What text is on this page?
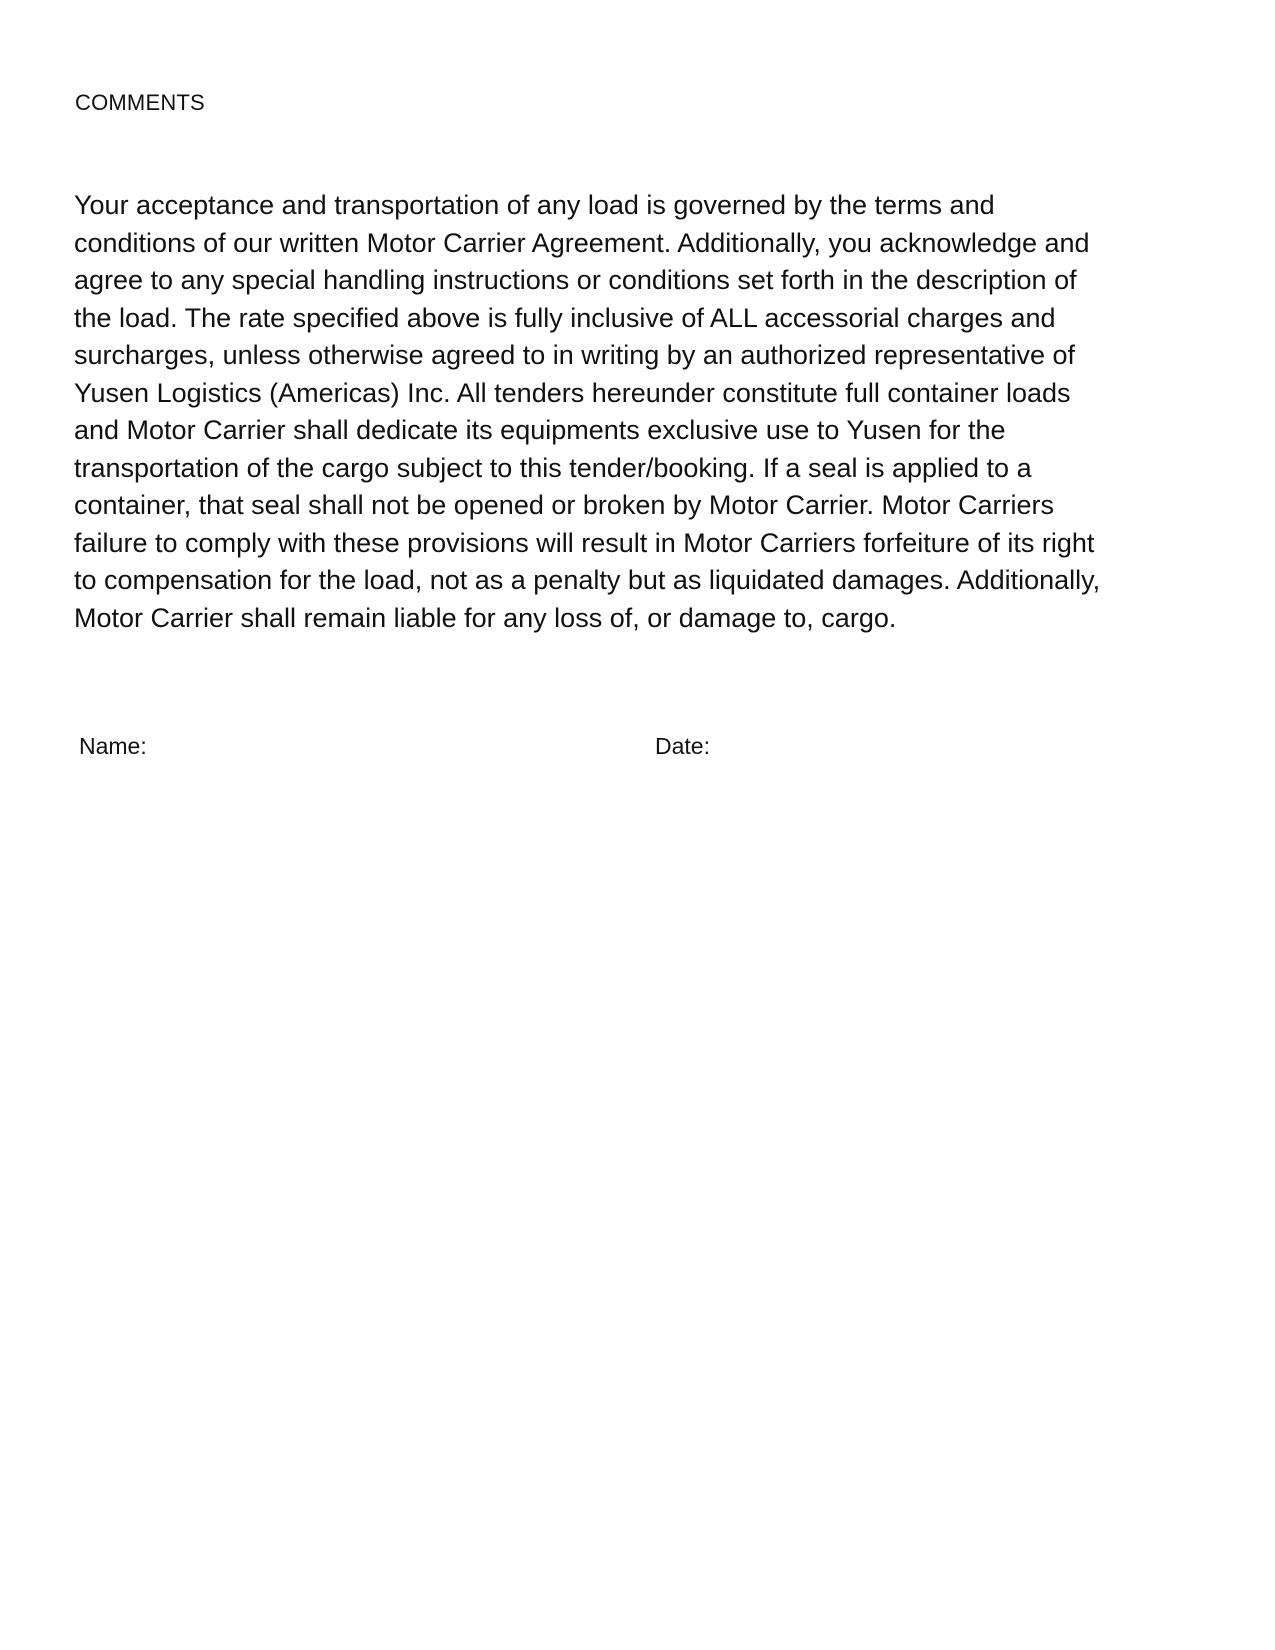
COMMENTS

Your acceptance and transportation of any load is governed by the terms and
conditions of our written Motor Carrier Agreement. Additionally, you acknowledge and
agree to any special handling instructions or conditions set forth in the description of
the load. The rate specified above is fully inclusive of ALL accessorial charges and
surcharges, unless otherwise agreed to in writing by an authorized representative of
Yusen Logistics (Americas) Inc. All tenders hereunder constitute full container loads
and Motor Carrier shall dedicate its equipments exclusive use to Yusen for the
transportation of the cargo subject to this tender/booking. If a seal is applied to a
container, that seal shall not be opened or broken by Motor Carrier. Motor Carriers
failure to comply with these provisions will result in Motor Carriers forfeiture of its right
to compensation for the load, not as a penalty but as liquidated damages. Additionally,
Motor Carrier shall remain liable for any loss of, or damage to, cargo.

Name:	Date:
